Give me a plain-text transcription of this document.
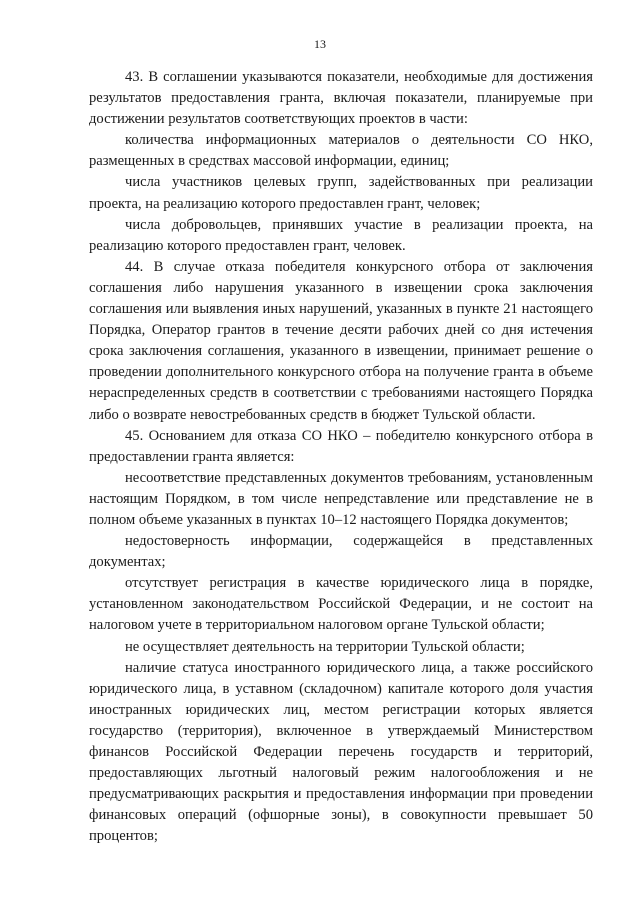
13

43. В соглашении указываются показатели, необходимые для достижения результатов предоставления гранта, включая показатели, планируемые при достижении результатов соответствующих проектов в части:

количества информационных материалов о деятельности СО НКО, размещенных в средствах массовой информации, единиц;

числа участников целевых групп, задействованных при реализации проекта, на реализацию которого предоставлен грант, человек;

числа добровольцев, принявших участие в реализации проекта, на реализацию которого предоставлен грант, человек.

44. В случае отказа победителя конкурсного отбора от заключения соглашения либо нарушения указанного в извещении срока заключения соглашения или выявления иных нарушений, указанных в пункте 21 настоящего Порядка, Оператор грантов в течение десяти рабочих дней со дня истечения срока заключения соглашения, указанного в извещении, принимает решение о проведении дополнительного конкурсного отбора на получение гранта в объеме нераспределенных средств в соответствии с требованиями настоящего Порядка либо о возврате невостребованных средств в бюджет Тульской области.

45. Основанием для отказа СО НКО – победителю конкурсного отбора в предоставлении гранта является:

несоответствие представленных документов требованиям, установленным настоящим Порядком, в том числе непредставление или представление не в полном объеме указанных в пунктах 10–12 настоящего Порядка документов;

недостоверность информации, содержащейся в представленных документах;

отсутствует регистрация в качестве юридического лица в порядке, установленном законодательством Российской Федерации, и не состоит на налоговом учете в территориальном налоговом органе Тульской области;

не осуществляет деятельность на территории Тульской области;

наличие статуса иностранного юридического лица, а также российского юридического лица, в уставном (складочном) капитале которого доля участия иностранных юридических лиц, местом регистрации которых является государство (территория), включенное в утверждаемый Министерством финансов Российской Федерации перечень государств и территорий, предоставляющих льготный налоговый режим налогообложения и не предусматривающих раскрытия и предоставления информации при проведении финансовых операций (офшорные зоны), в совокупности превышает 50 процентов;
